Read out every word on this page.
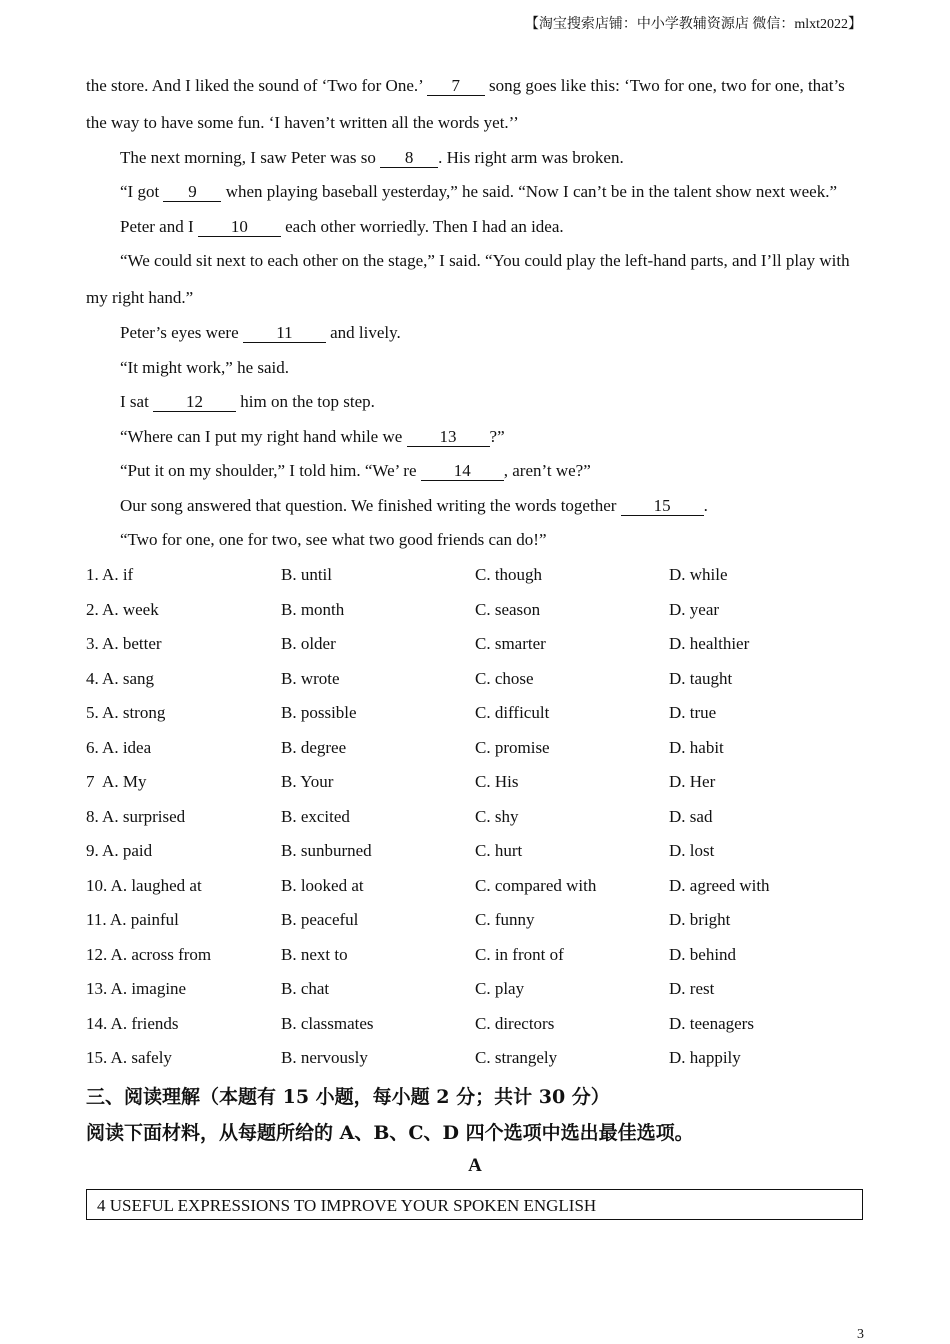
【淘宝搜索店铺：中小学教辅资源店 微信：mlxt2022】
the store. And I liked the sound of ‘Two for One.’ 7 song goes like this: ‘Two for one, two for one, that’s the way to have some fun. ‘I haven’t written all the words yet.’’
The next morning, I saw Peter was so 8 . His right arm was broken.
“I got 9 when playing baseball yesterday,” he said. “Now I can’t be in the talent show next week.”
Peter and I 10 each other worriedly. Then I had an idea.
“We could sit next to each other on the stage,” I said. “You could play the left-hand parts, and I’ll play with my right hand.”
Peter’s eyes were 11 and lively.
“It might work,” he said.
I sat 12 him on the top step.
“Where can I put my right hand while we 13 ?”
“Put it on my shoulder,” I told him. “We’ re 14 , aren’t we?”
Our song answered that question. We finished writing the words together 15 .
“Two for one, one for two, see what two good friends can do!”
1. A. if	B. until	C. though	D. while
2. A. week	B. month	C. season	D. year
3. A. better	B. older	C. smarter	D. healthier
4. A. sang	B. wrote	C. chose	D. taught
5. A. strong	B. possible	C. difficult	D. true
6. A. idea	B. degree	C. promise	D. habit
7  A. My	B. Your	C. His	D. Her
8. A. surprised	B. excited	C. shy	D. sad
9. A. paid	B. sunburned	C. hurt	D. lost
10. A. laughed at	B. looked at	C. compared with	D. agreed with
11. A. painful	B. peaceful	C. funny	D. bright
12. A. across from	B. next to	C. in front of	D. behind
13. A. imagine	B. chat	C. play	D. rest
14. A. friends	B. classmates	C. directors	D. teenagers
15. A. safely	B. nervously	C. strangely	D. happily
三、阅读理解（本题有 15 小题，每小题 2 分；共计 30 分）
阅读下面材料，从每题所给的 A、B、C、D 四个选项中选出最佳选项。
A
4 USEFUL EXPRESSIONS TO IMPROVE YOUR SPOKEN ENGLISH
3
